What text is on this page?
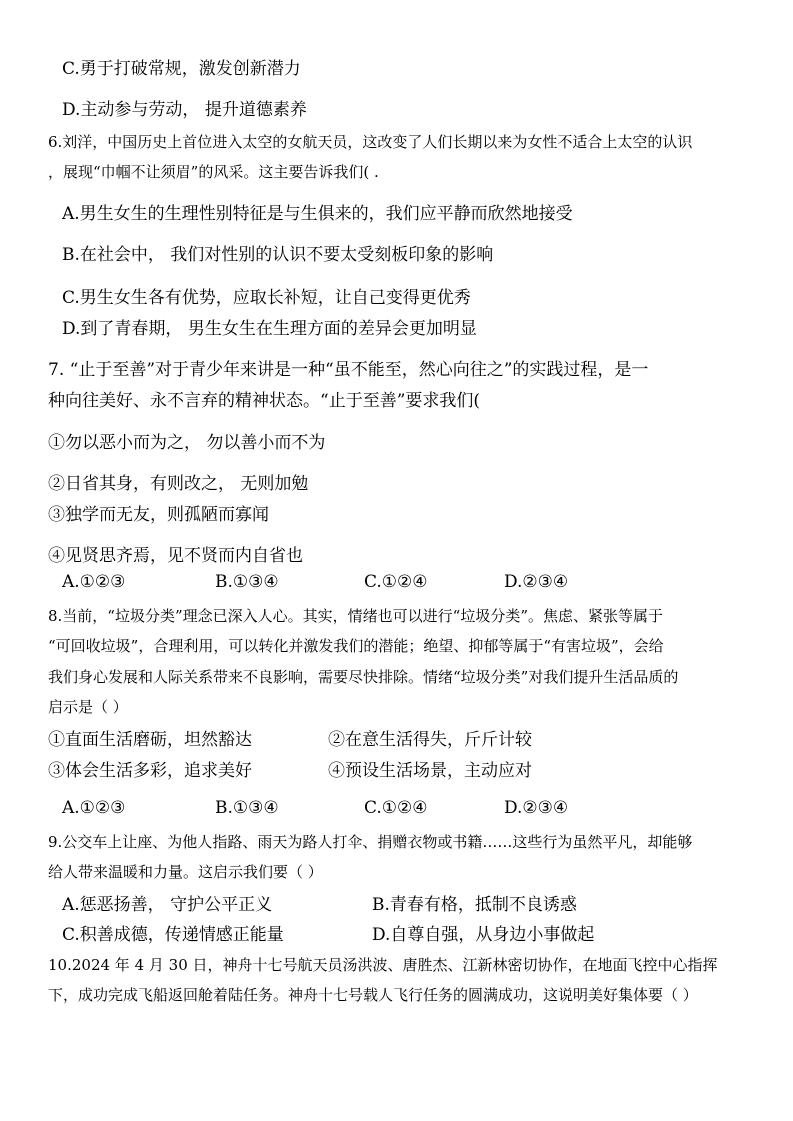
C.勇于打破常规，激发创新潜力
D.主动参与劳动， 提升道德素养
6.刘洋，中国历史上首位进入太空的女航天员，这改变了人们长期以来为女性不适合上太空的认识
，展现“巾帼不让须眉”的风采。这主要告诉我们( .
A.男生女生的生理性别特征是与生俱来的，我们应平静而欣然地接受
B.在社会中， 我们对性别的认识不要太受刻板印象的影响
C.男生女生各有优势，应取长补短，让自己变得更优秀
D.到了青春期， 男生女生在生理方面的差异会更加明显
7. “止于至善”对于青少年来讲是一种“虽不能至，然心向往之”的实践过程，是一
种向往美好、永不言弃的精神状态。“止于至善”要求我们(
①勿以恶小而为之， 勿以善小而不为
②日省其身，有则改之， 无则加勉
③独学而无友，则孤陋而寡闻
④见贤思齐焉，见不贤而内自省也
A.①②③	B.①③④	C.①②④	D.②③④
8.当前，“垃圾分类”理念已深入人心。其实，情绪也可以进行“垃圾分类”。焦虑、紧张等属于
“可回收垃圾”，合理利用，可以转化并激发我们的潜能；绝望、抑郁等属于“有害垃圾”，会给
我们身心发展和人际关系带来不良影响，需要尽快排除。情绪“垃圾分类”对我们提升生活品质的
启示是（ ）
①直面生活磨砺，坦然豁达	②在意生活得失，斤斤计较
③体会生活多彩，追求美好	④预设生活场景，主动应对
A.①②③	B.①③④	C.①②④	D.②③④
9.公交车上让座、为他人指路、雨天为路人打伞、捐赠衣物或书籍……这些行为虽然平凡，却能够
给人带来温暖和力量。这启示我们要（ ）
A.惩恶扬善， 守护公平正义	B.青春有格，抵制不良诱惑
C.积善成德，传递情感正能量	D.自尊自强，从身边小事做起
10.2024 年 4 月 30 日，神舟十七号航天员汤洪波、唐胜杰、江新林密切协作，在地面飞控中心指挥
下，成功完成飞船返回舱着陆任务。神舟十七号载人飞行任务的圆满成功，这说明美好集体要（ ）
